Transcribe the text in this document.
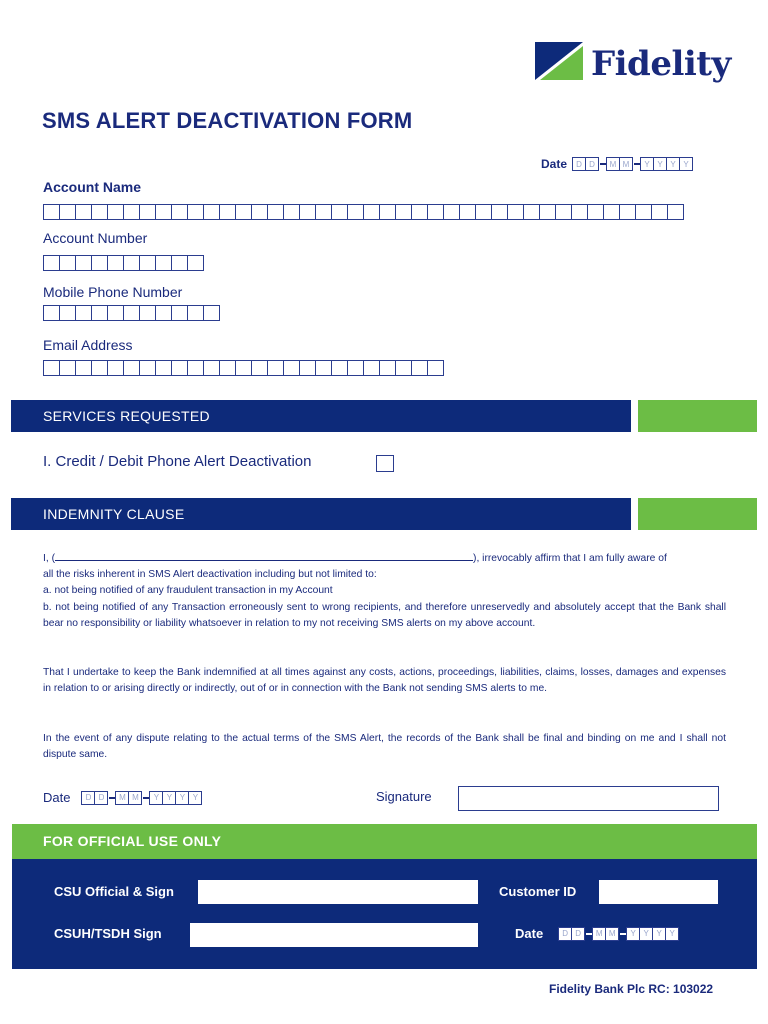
Fidelity
SMS ALERT DEACTIVATION FORM
Date	D D	M M	Y Y Y Y
Account Name
Account Number
Mobile Phone Number
Email Address
SERVICES REQUESTED
I. Credit / Debit Phone Alert Deactivation
INDEMNITY CLAUSE
I, (	), irrevocably affirm that I am fully aware of
all the risks inherent in SMS Alert deactivation including but not limited to:
a. not being notified of any fraudulent transaction in my Account
b. not being notified of any Transaction erroneously sent to wrong recipients, and therefore unreservedly and absolutely accept that the Bank shall bear no responsibility or liability whatsoever in relation to my not receiving SMS alerts on my above account.
That I undertake to keep the Bank indemnified at all times against any costs, actions, proceedings, liabilities, claims, losses, damages and expenses in relation to or arising directly or indirectly, out of or in connection with the Bank not sending SMS alerts to me.
In the event of any dispute relating to the actual terms of the SMS Alert, the records of the Bank shall be final and binding on me and I shall not dispute same.
Date	D D	M M	Y Y Y Y	Signature
FOR OFFICIAL USE ONLY
CSU Official & Sign	Customer ID
CSUH/TSDH Sign	Date	D D	M M	Y Y Y Y
Fidelity Bank Plc RC: 103022
